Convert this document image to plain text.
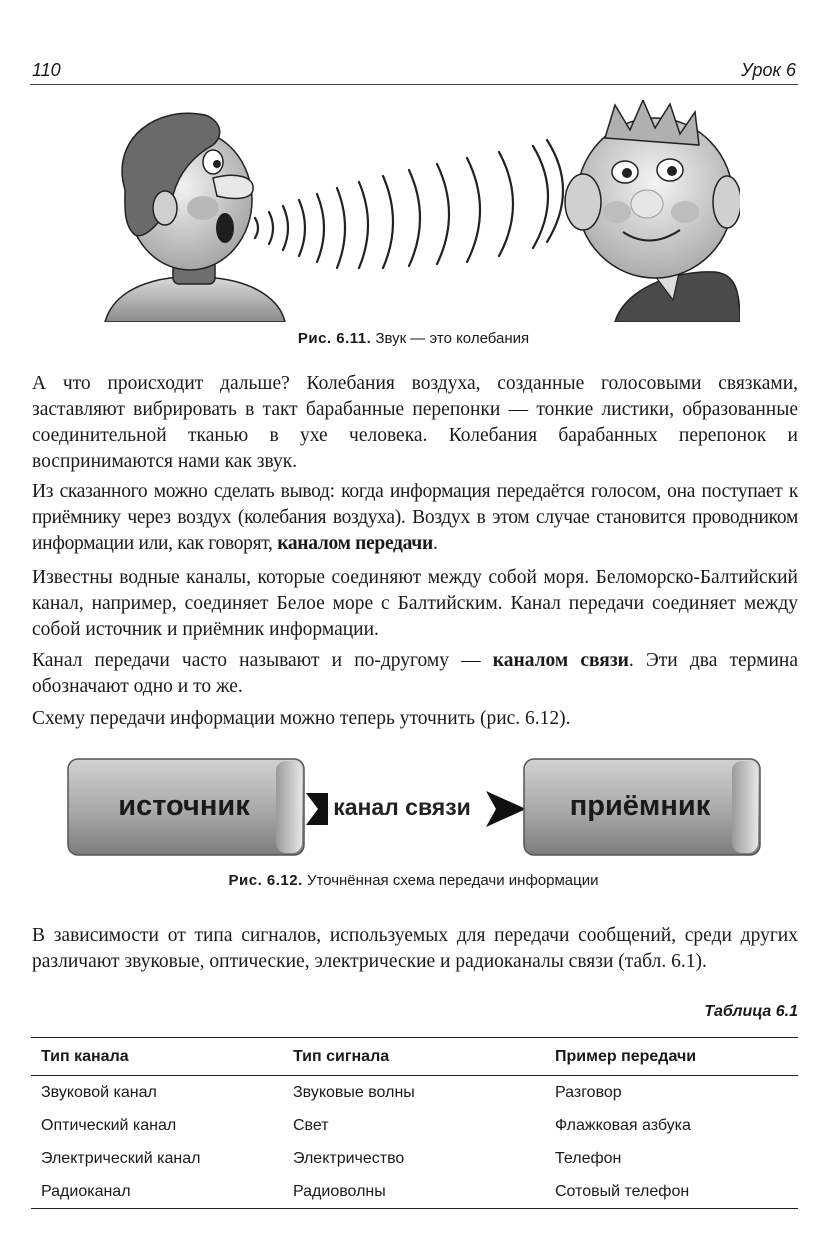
110	Урок 6
Рис. 6.11. Звук — это колебания

А что происходит дальше? Колебания воздуха, созданные голосовыми связками, заставляют вибрировать в такт барабанные перепонки — тонкие листики, образованные соединительной тканью в ухе человека. Колебания барабанных перепонок и воспринимаются нами как звук.

Из сказанного можно сделать вывод: когда информация передаётся голосом, она поступает к приёмнику через воздух (колебания воздуха). Воздух в этом случае становится проводником информации или, как говорят, каналом передачи.

Известны водные каналы, которые соединяют между собой моря. Беломорско-Балтийский канал, например, соединяет Белое море с Балтийским. Канал передачи соединяет между собой источник и приёмник информации.

Канал передачи часто называют и по-другому — каналом связи. Эти два термина обозначают одно и то же.

Схему передачи информации можно теперь уточнить (рис. 6.12).

источник	канал связи	приёмник
Рис. 6.12. Уточнённая схема передачи информации

В зависимости от типа сигналов, используемых для передачи сообщений, среди других различают звуковые, оптические, электрические и радиоканалы связи (табл. 6.1).

Таблица 6.1
Тип канала	Тип сигнала	Пример передачи
Звуковой канал	Звуковые волны	Разговор
Оптический канал	Свет	Флажковая азбука
Электрический канал	Электричество	Телефон
Радиоканал	Радиоволны	Сотовый телефон
